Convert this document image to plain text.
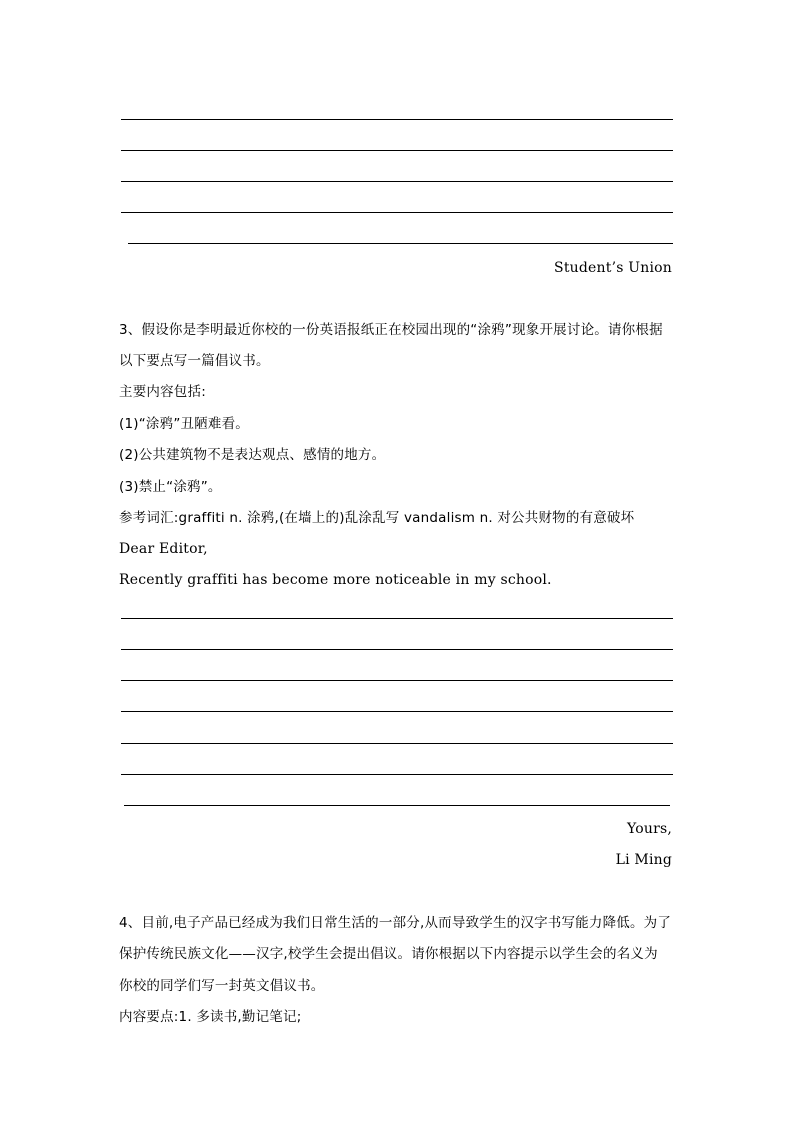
Student’s Union
3、假设你是李明最近你校的一份英语报纸正在校园出现的“涂鸦”现象开展讨论。请你根据
以下要点写一篇倡议书。
主要内容包括:
(1)“涂鸦”丑陋难看。
(2)公共建筑物不是表达观点、感情的地方。
(3)禁止“涂鸦”。
参考词汇:graffiti n. 涂鸦,(在墙上的)乱涂乱写 vandalism n. 对公共财物的有意破坏
Dear Editor,
Recently graffiti has become more noticeable in my school.
Yours,
Li Ming
4、目前,电子产品已经成为我们日常生活的一部分,从而导致学生的汉字书写能力降低。为了
保护传统民族文化——汉字,校学生会提出倡议。请你根据以下内容提示以学生会的名义为
你校的同学们写一封英文倡议书。
内容要点:1. 多读书,勤记笔记;
